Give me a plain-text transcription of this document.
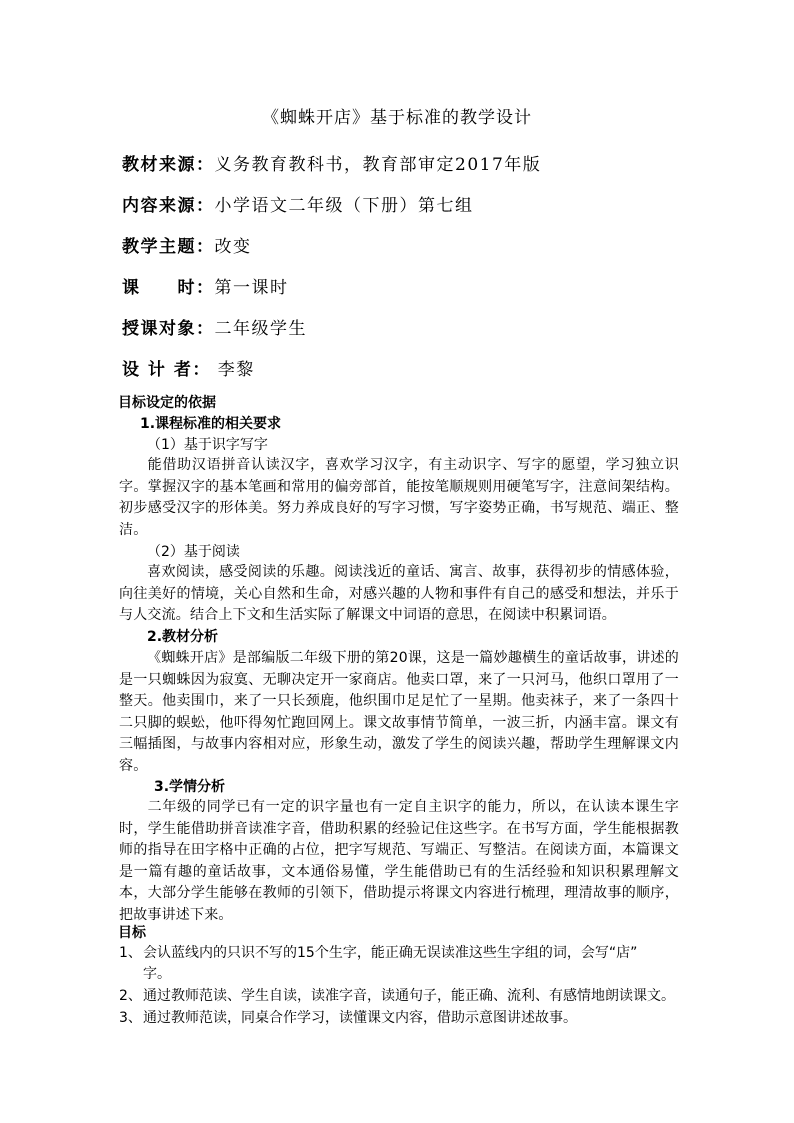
《蜘蛛开店》基于标准的教学设计
教材来源：义务教育教科书，教育部审定2017年版
内容来源：小学语文二年级（下册）第七组
教学主题：改变
课　　时：第一课时
授课对象：二年级学生
设 计 者： 李黎
目标设定的依据
1.课程标准的相关要求
（1）基于识字写字
能借助汉语拼音认读汉字，喜欢学习汉字，有主动识字、写字的愿望，学习独立识字。掌握汉字的基本笔画和常用的偏旁部首，能按笔顺规则用硬笔写字，注意间架结构。初步感受汉字的形体美。努力养成良好的写字习惯，写字姿势正确，书写规范、端正、整洁。
（2）基于阅读
喜欢阅读，感受阅读的乐趣。阅读浅近的童话、寓言、故事，获得初步的情感体验，向往美好的情境，关心自然和生命，对感兴趣的人物和事件有自己的感受和想法，并乐于与人交流。结合上下文和生活实际了解课文中词语的意思，在阅读中积累词语。
2.教材分析
《蜘蛛开店》是部编版二年级下册的第20课，这是一篇妙趣横生的童话故事，讲述的是一只蜘蛛因为寂寞、无聊决定开一家商店。他卖口罩，来了一只河马，他织口罩用了一整天。他卖围巾，来了一只长颈鹿，他织围巾足足忙了一星期。他卖袜子，来了一条四十二只脚的蜈蚣，他吓得匆忙跑回网上。课文故事情节简单，一波三折，内涵丰富。课文有三幅插图，与故事内容相对应，形象生动，激发了学生的阅读兴趣，帮助学生理解课文内容。
3.学情分析
二年级的同学已有一定的识字量也有一定自主识字的能力，所以，在认读本课生字时，学生能借助拼音读准字音，借助积累的经验记住这些字。在书写方面，学生能根据教师的指导在田字格中正确的占位，把字写规范、写端正、写整洁。在阅读方面，本篇课文是一篇有趣的童话故事，文本通俗易懂，学生能借助已有的生活经验和知识积累理解文本，大部分学生能够在教师的引领下，借助提示将课文内容进行梳理，理清故事的顺序，把故事讲述下来。
目标
1、会认蓝线内的只识不写的15个生字，能正确无误读准这些生字组的词，会写“店”
字。
2、通过教师范读、学生自读，读准字音，读通句子，能正确、流利、有感情地朗读课文。
3、通过教师范读，同桌合作学习，读懂课文内容，借助示意图讲述故事。
